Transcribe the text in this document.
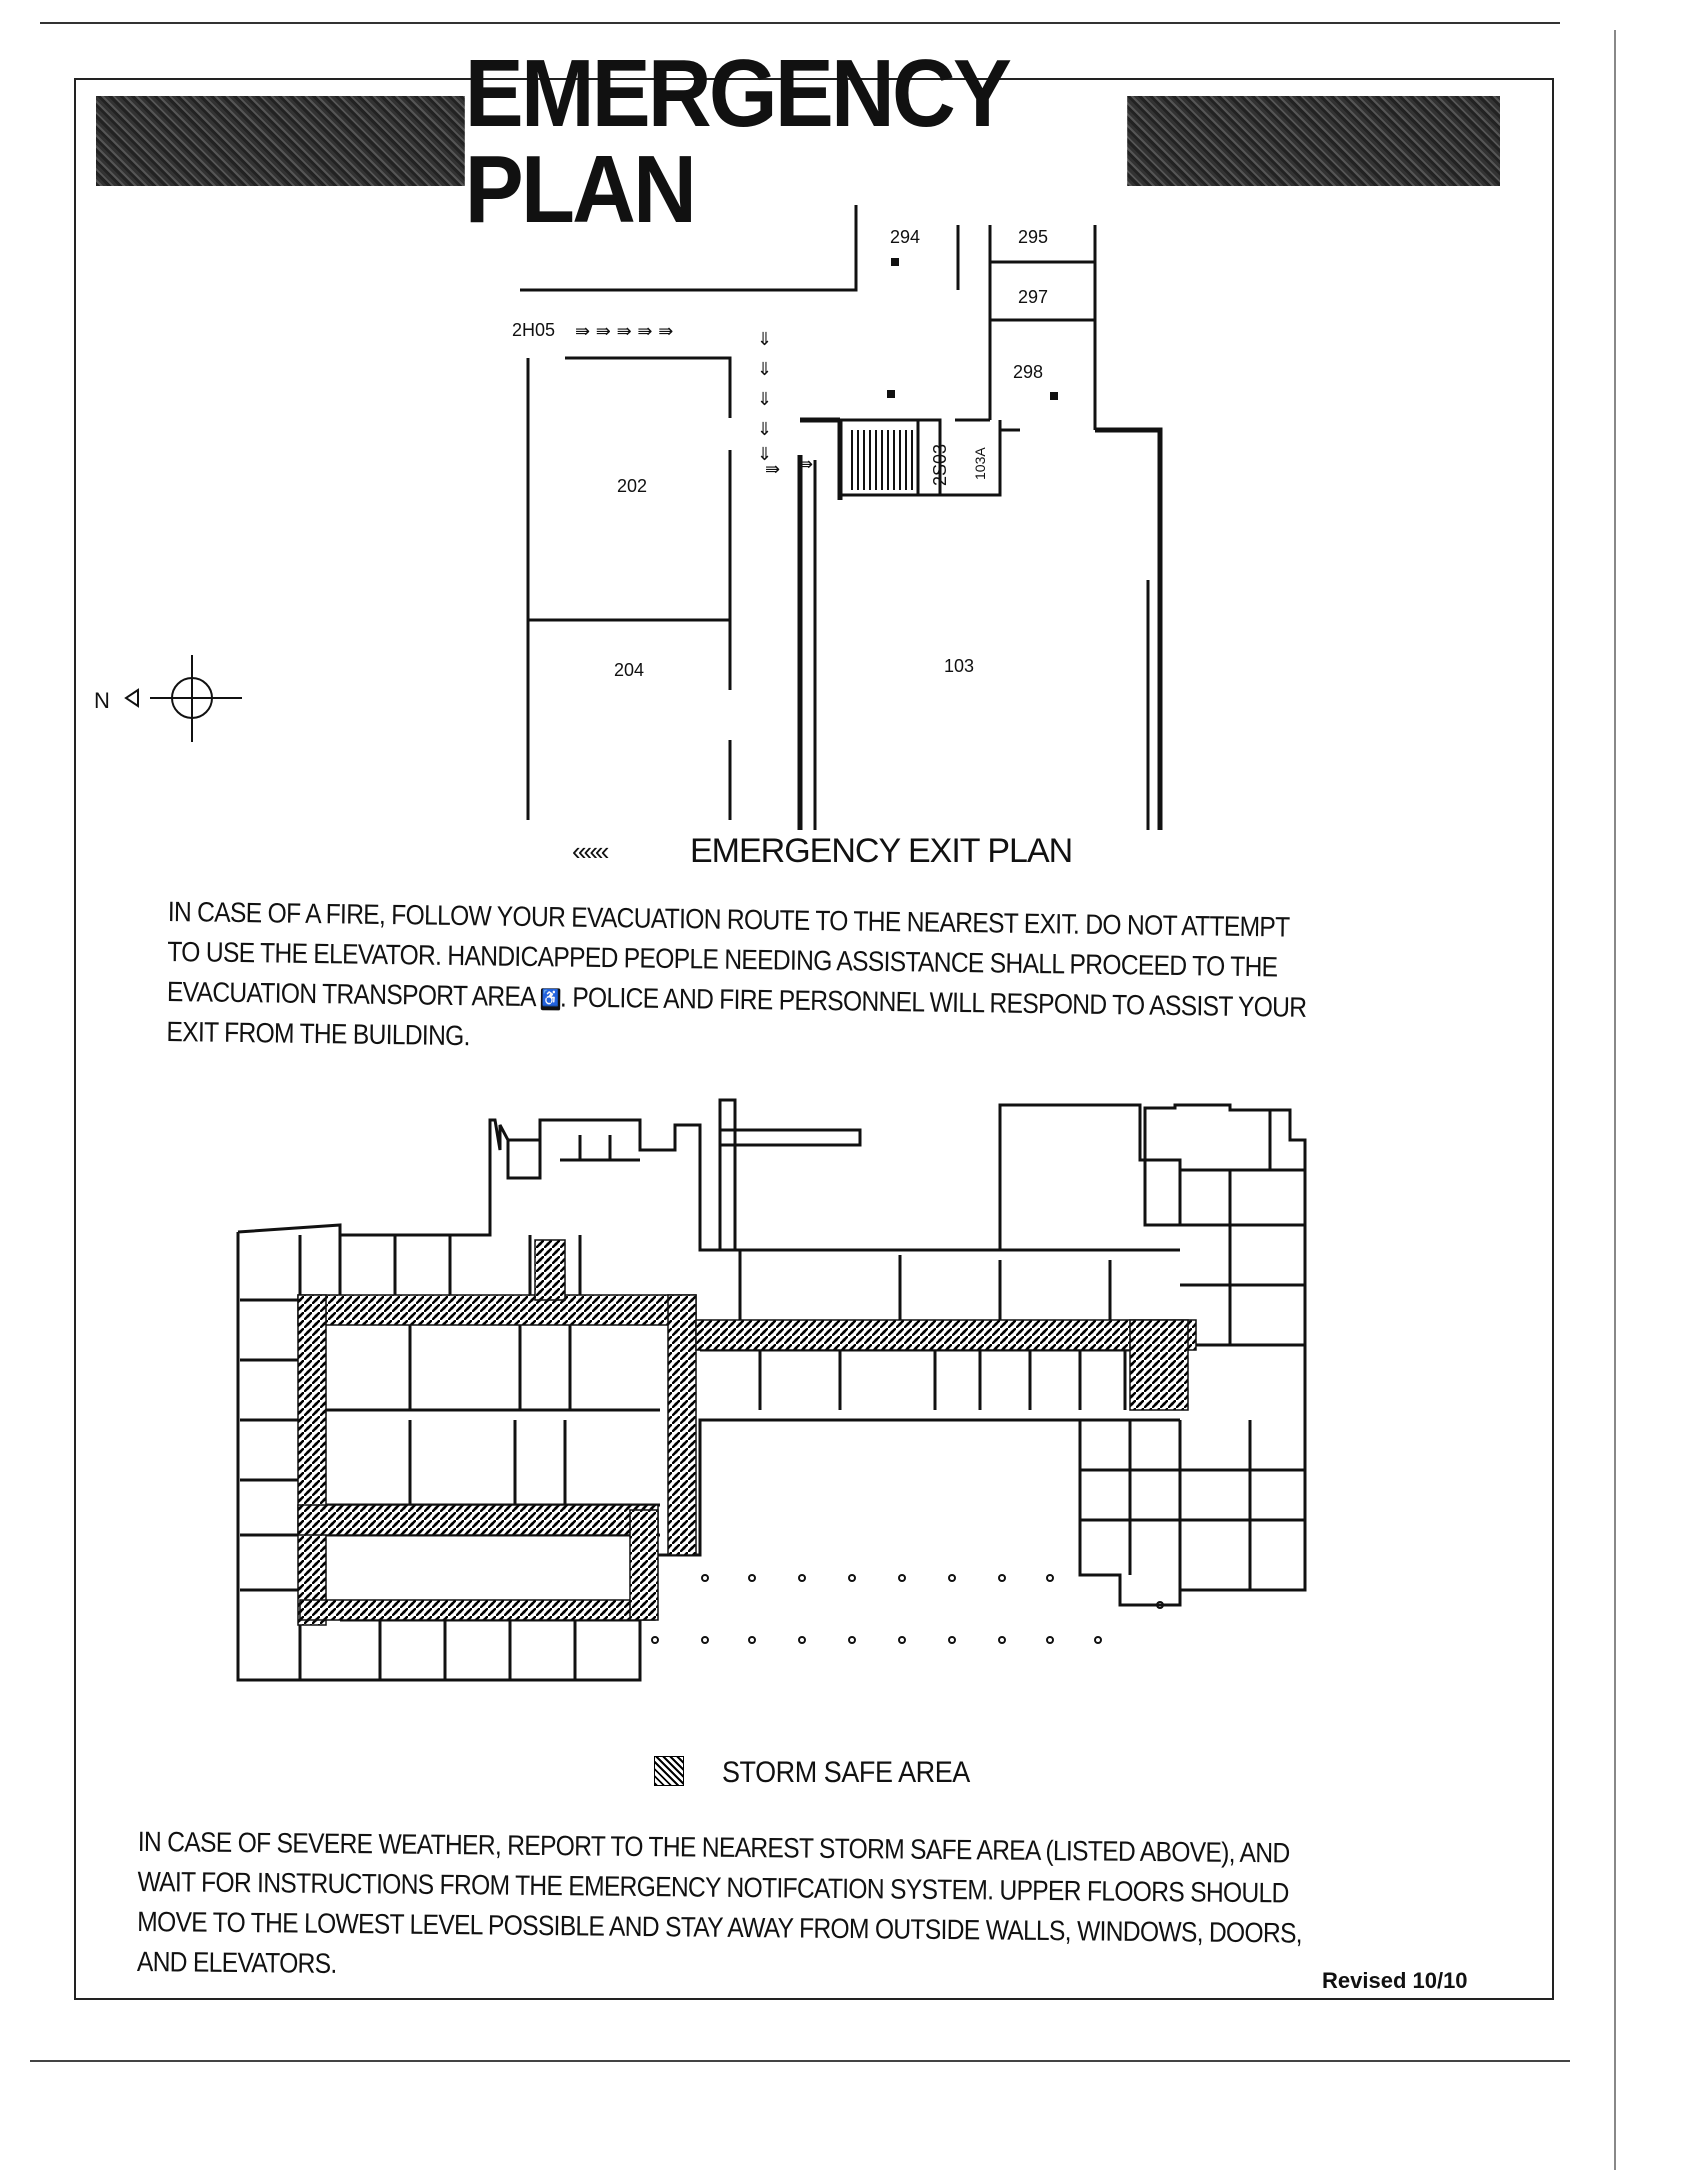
EMERGENCY PLAN
⇛ ⇛ ⇛ ⇛ ⇛	⇓
⇓
⇓
⇓
⇓
⇛ ⇛
294	295
297
298
202
204	103
2H05
2S03 103A
N
««« EMERGENCY EXIT PLAN
IN CASE OF A FIRE, FOLLOW YOUR EVACUATION ROUTE TO THE NEAREST EXIT. DO NOT ATTEMPT TO USE THE ELEVATOR. HANDICAPPED PEOPLE NEEDING ASSISTANCE SHALL PROCEED TO THE EVACUATION TRANSPORT AREA ♿. POLICE AND FIRE PERSONNEL WILL RESPOND TO ASSIST YOUR EXIT FROM THE BUILDING.
STORM SAFE AREA
IN CASE OF SEVERE WEATHER, REPORT TO THE NEAREST STORM SAFE AREA (LISTED ABOVE), AND WAIT FOR INSTRUCTIONS FROM THE EMERGENCY NOTIFCATION SYSTEM. UPPER FLOORS SHOULD MOVE TO THE LOWEST LEVEL POSSIBLE AND STAY AWAY FROM OUTSIDE WALLS, WINDOWS, DOORS, AND ELEVATORS.
Revised 10/10
